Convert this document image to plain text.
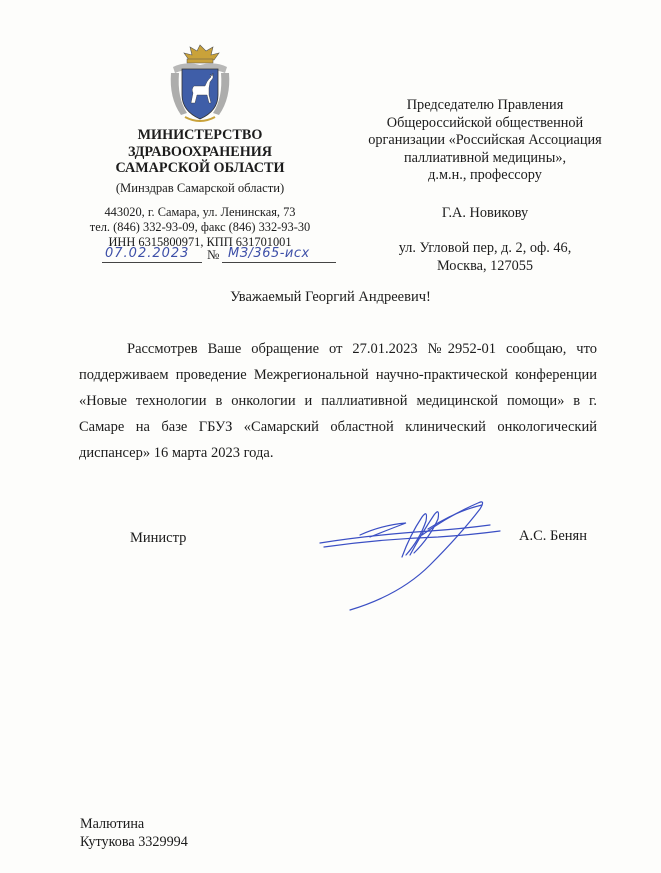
МИНИСТЕРСТВО
ЗДРАВООХРАНЕНИЯ
САМАРСКОЙ ОБЛАСТИ
(Минздрав Самарской области)
443020, г. Самара, ул. Ленинская, 73
тел. (846) 332-93-09, факс (846) 332-93-30
ИНН 6315800971, КПП 631701001
07.02.2023 № МЗ/365-исх
Председателю Правления
Общероссийской общественной
организации «Российская Ассоциация
паллиативной медицины»,
д.м.н., профессору
Г.А. Новикову
ул. Угловой пер, д. 2, оф. 46,
Москва, 127055
Уважаемый Георгий Андреевич!
Рассмотрев Ваше обращение от 27.01.2023 №2952-01 сообщаю, что поддерживаем проведение Межрегиональной научно-практической конференции «Новые технологии в онкологии и паллиативной медицинской помощи» в г. Самаре на базе ГБУЗ «Самарский областной клинический онкологический диспансер» 16 марта 2023 года.
Министр	А.С. Бенян
Малютина
Кутукова 3329994
